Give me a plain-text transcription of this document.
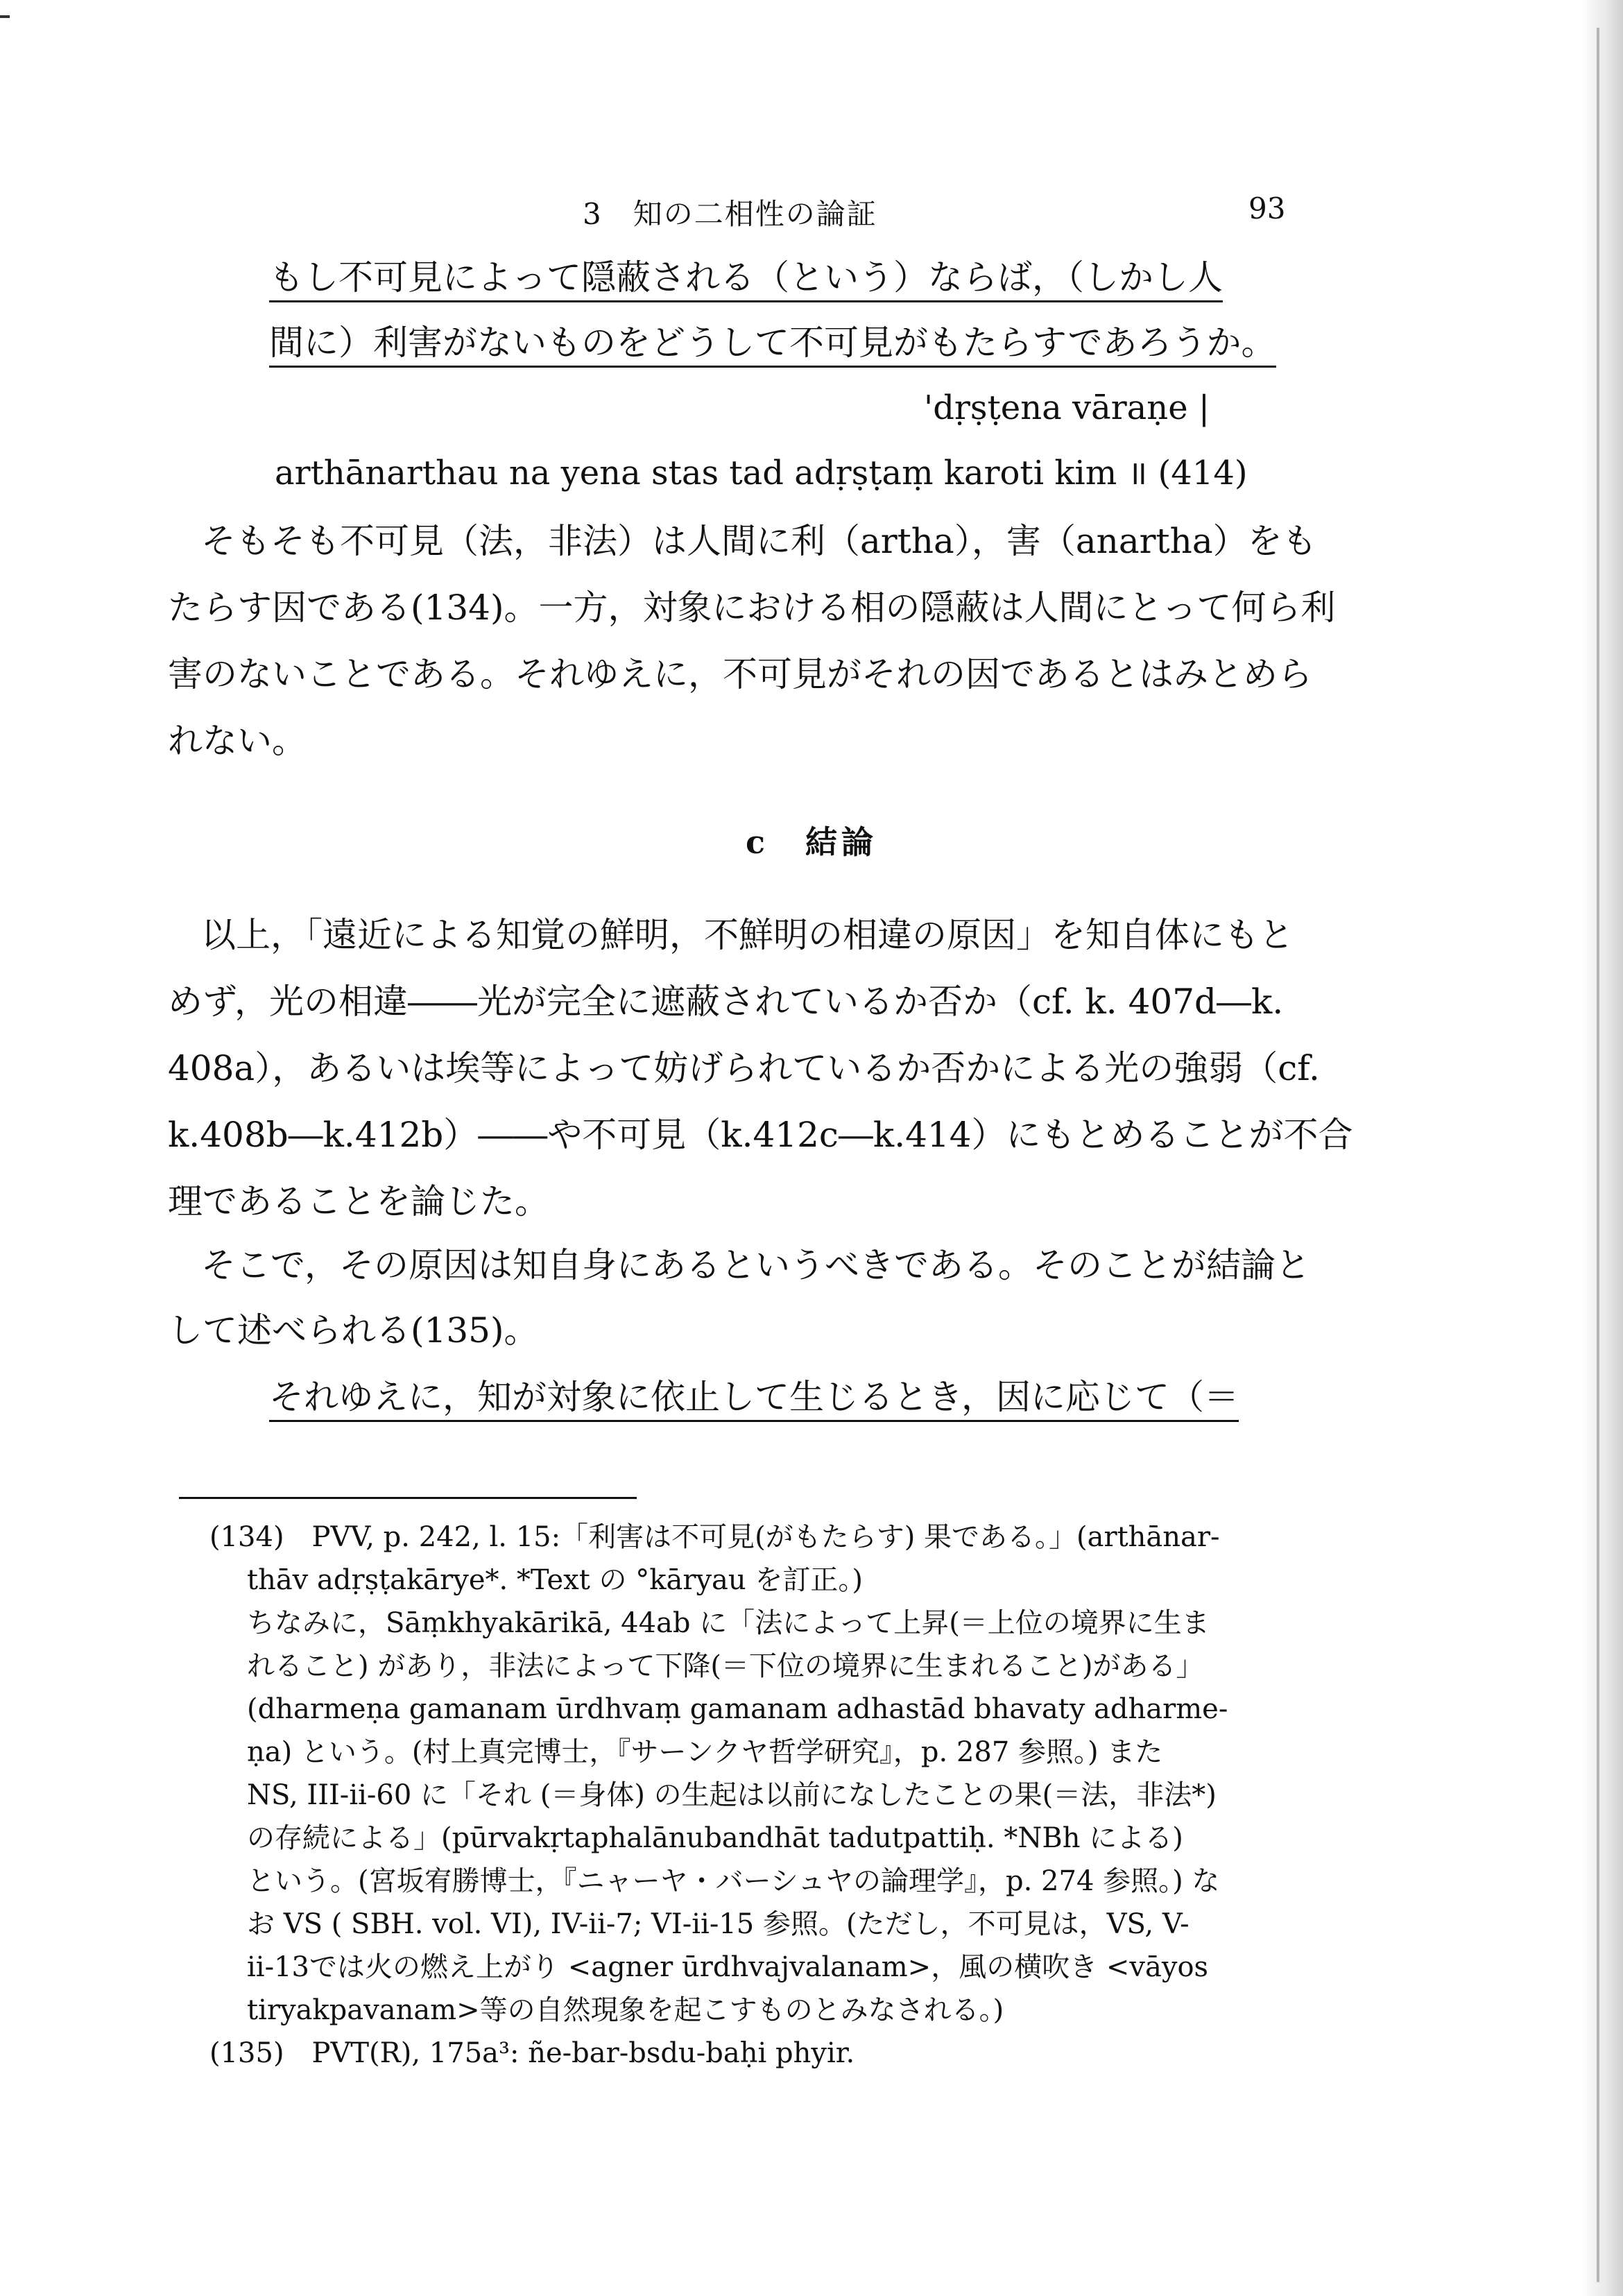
3　知の二相性の論証	93
もし不可見によって隠蔽される（という）ならば，（しかし人
間に）利害がないものをどうして不可見がもたらすであろうか。
'dṛṣṭena vāraṇe |
arthānarthau na yena stas tad adṛṣṭaṃ karoti kim ॥ (414)
そもそも不可見（法，非法）は人間に利（artha），害（anartha）をも
たらす因である(134)。一方，対象における相の隠蔽は人間にとって何ら利
害のないことである。それゆえに，不可見がそれの因であるとはみとめら
れない。
c　結論
以上，「遠近による知覚の鮮明，不鮮明の相違の原因」を知自体にもと
めず，光の相違――光が完全に遮蔽されているか否か（cf. k. 407d―k.
408a），あるいは埃等によって妨げられているか否かによる光の強弱（cf.
k.408b―k.412b）――や不可見（k.412c―k.414）にもとめることが不合
理であることを論じた。
そこで，その原因は知自身にあるというべきである。そのことが結論と
して述べられる(135)。
それゆえに，知が対象に依止して生じるとき，因に応じて（＝
(134)　PVV, p. 242, l. 15:「利害は不可見(がもたらす) 果である。」(arthānar-
thāv adṛṣṭakārye*. *Text の °kāryau を訂正。)
ちなみに，Sāṃkhyakārikā, 44ab に「法によって上昇(＝上位の境界に生ま
れること) があり，非法によって下降(＝下位の境界に生まれること)がある」
(dharmeṇa gamanam ūrdhvaṃ gamanam adhastād bhavaty adharme-
ṇa) という。(村上真完博士，『サーンクヤ哲学研究』，p. 287 参照。) また
NS, III-ii-60 に「それ (＝身体) の生起は以前になしたことの果(＝法，非法*)
の存続による」(pūrvakṛtaphalānubandhāt tadutpattiḥ. *NBh による)
という。(宮坂宥勝博士，『ニャーヤ・バーシュヤの論理学』，p. 274 参照。) な
お VS ( SBH. vol. VI), IV-ii-7; VI-ii-15 参照。(ただし，不可見は，VS, V-
ii-13では火の燃え上がり <agner ūrdhvajvalanam>，風の横吹き <vāyos
tiryakpavanam>等の自然現象を起こすものとみなされる。)
(135)　PVT(R), 175a³: ñe-bar-bsdu-baḥi phyir.
